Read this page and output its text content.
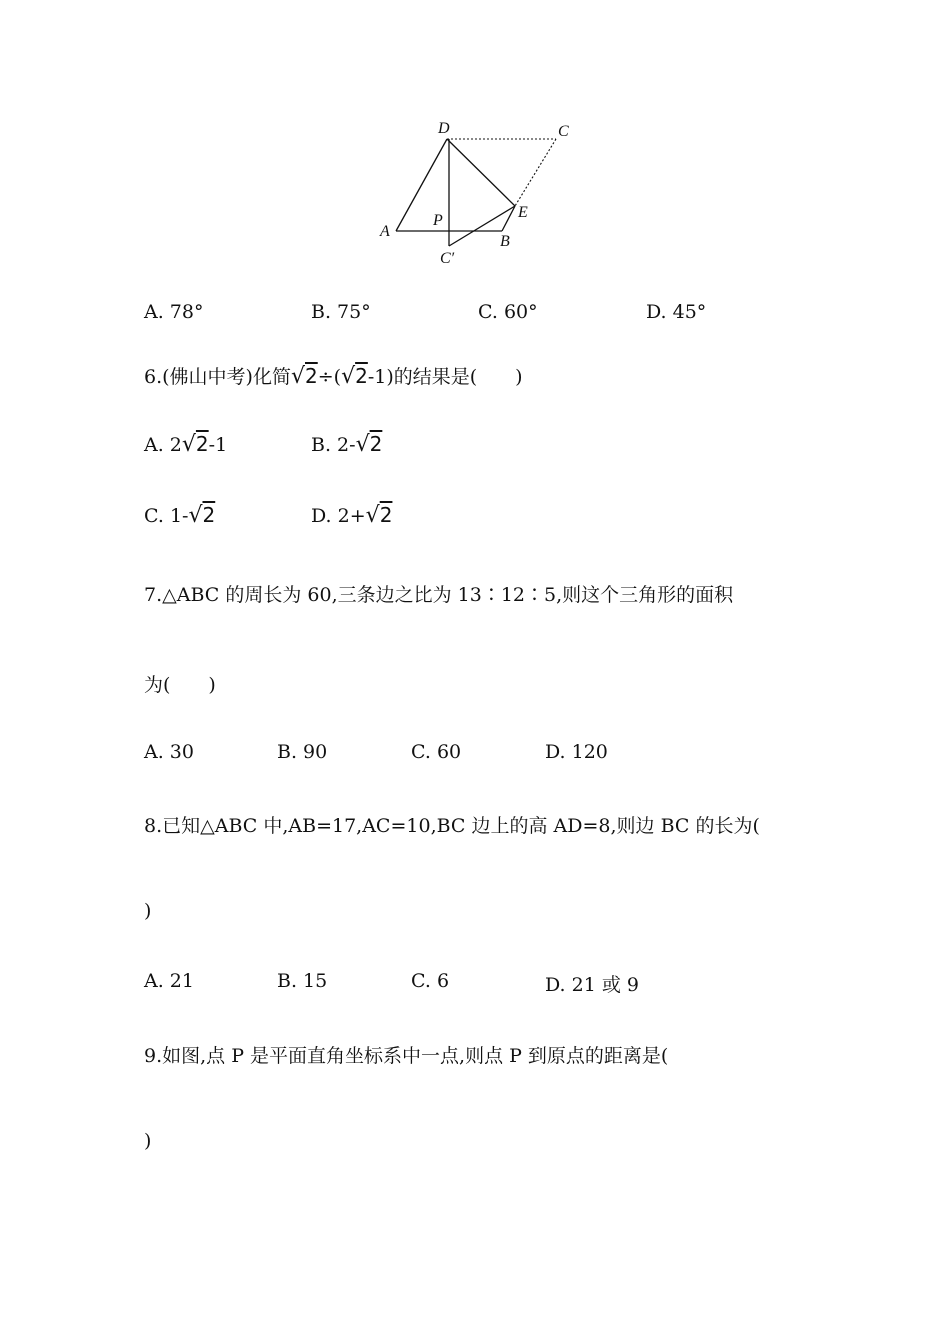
D	C
A
B
E
P
C′
A. 78°	B. 75°	C. 60°	D. 45°
6.(佛山中考)化简√2÷(√2-1)的结果是(　　)
A. 2√2-1	B. 2-√2
C. 1-√2	D. 2+√2
7.△ABC 的周长为 60,三条边之比为 13∶12∶5,则这个三角形的面积
为(　　)
A. 30	B. 90	C. 60	D. 120
8.已知△ABC 中,AB=17,AC=10,BC 边上的高 AD=8,则边 BC 的长为(
)
A. 21	B. 15	C. 6	D. 21 或 9
9.如图,点 P 是平面直角坐标系中一点,则点 P 到原点的距离是(
)
